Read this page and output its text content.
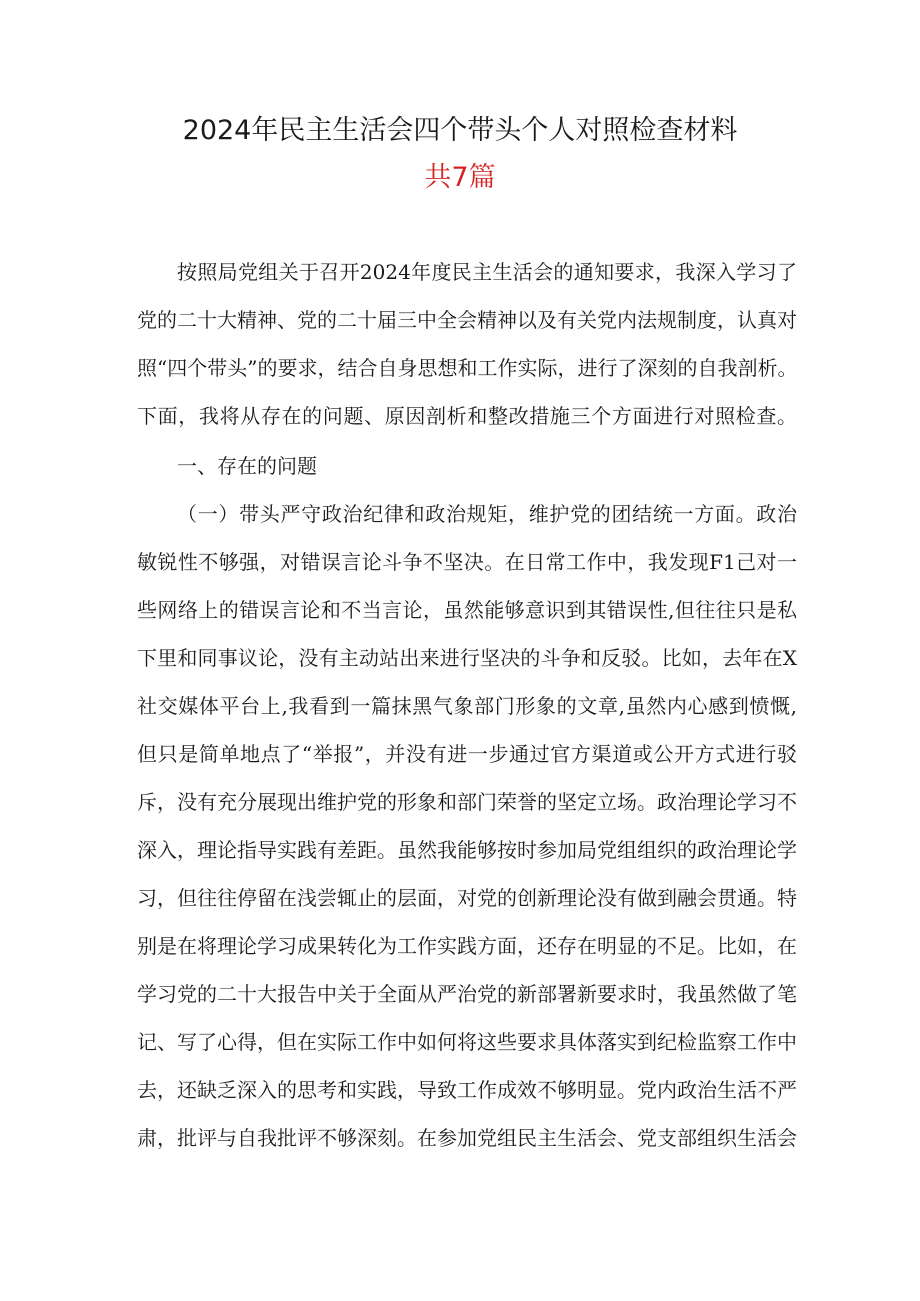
2024年民主生活会四个带头个人对照检查材料
共7篇
按照局党组关于召开2024年度民主生活会的通知要求，我深入学习了
党的二十大精神、党的二十届三中全会精神以及有关党内法规制度，认真对
照“四个带头”的要求，结合自身思想和工作实际，进行了深刻的自我剖析。
下面，我将从存在的问题、原因剖析和整改措施三个方面进行对照检查。
一、存在的问题
（一）带头严守政治纪律和政治规矩，维护党的团结统一方面。政治
敏锐性不够强，对错误言论斗争不坚决。在日常工作中，我发现F1己对一
些网络上的错误言论和不当言论，虽然能够意识到其错误性,但往往只是私
下里和同事议论，没有主动站出来进行坚决的斗争和反驳。比如，去年在X
社交媒体平台上,我看到一篇抹黑气象部门形象的文章,虽然内心感到愤慨,
但只是简单地点了“举报”，并没有进一步通过官方渠道或公开方式进行驳
斥，没有充分展现出维护党的形象和部门荣誉的坚定立场。政治理论学习不
深入，理论指导实践有差距。虽然我能够按时参加局党组组织的政治理论学
习，但往往停留在浅尝辄止的层面，对党的创新理论没有做到融会贯通。特
别是在将理论学习成果转化为工作实践方面，还存在明显的不足。比如，在
学习党的二十大报告中关于全面从严治党的新部署新要求时，我虽然做了笔
记、写了心得，但在实际工作中如何将这些要求具体落实到纪检监察工作中
去，还缺乏深入的思考和实践，导致工作成效不够明显。党内政治生活不严
肃，批评与自我批评不够深刻。在参加党组民主生活会、党支部组织生活会
